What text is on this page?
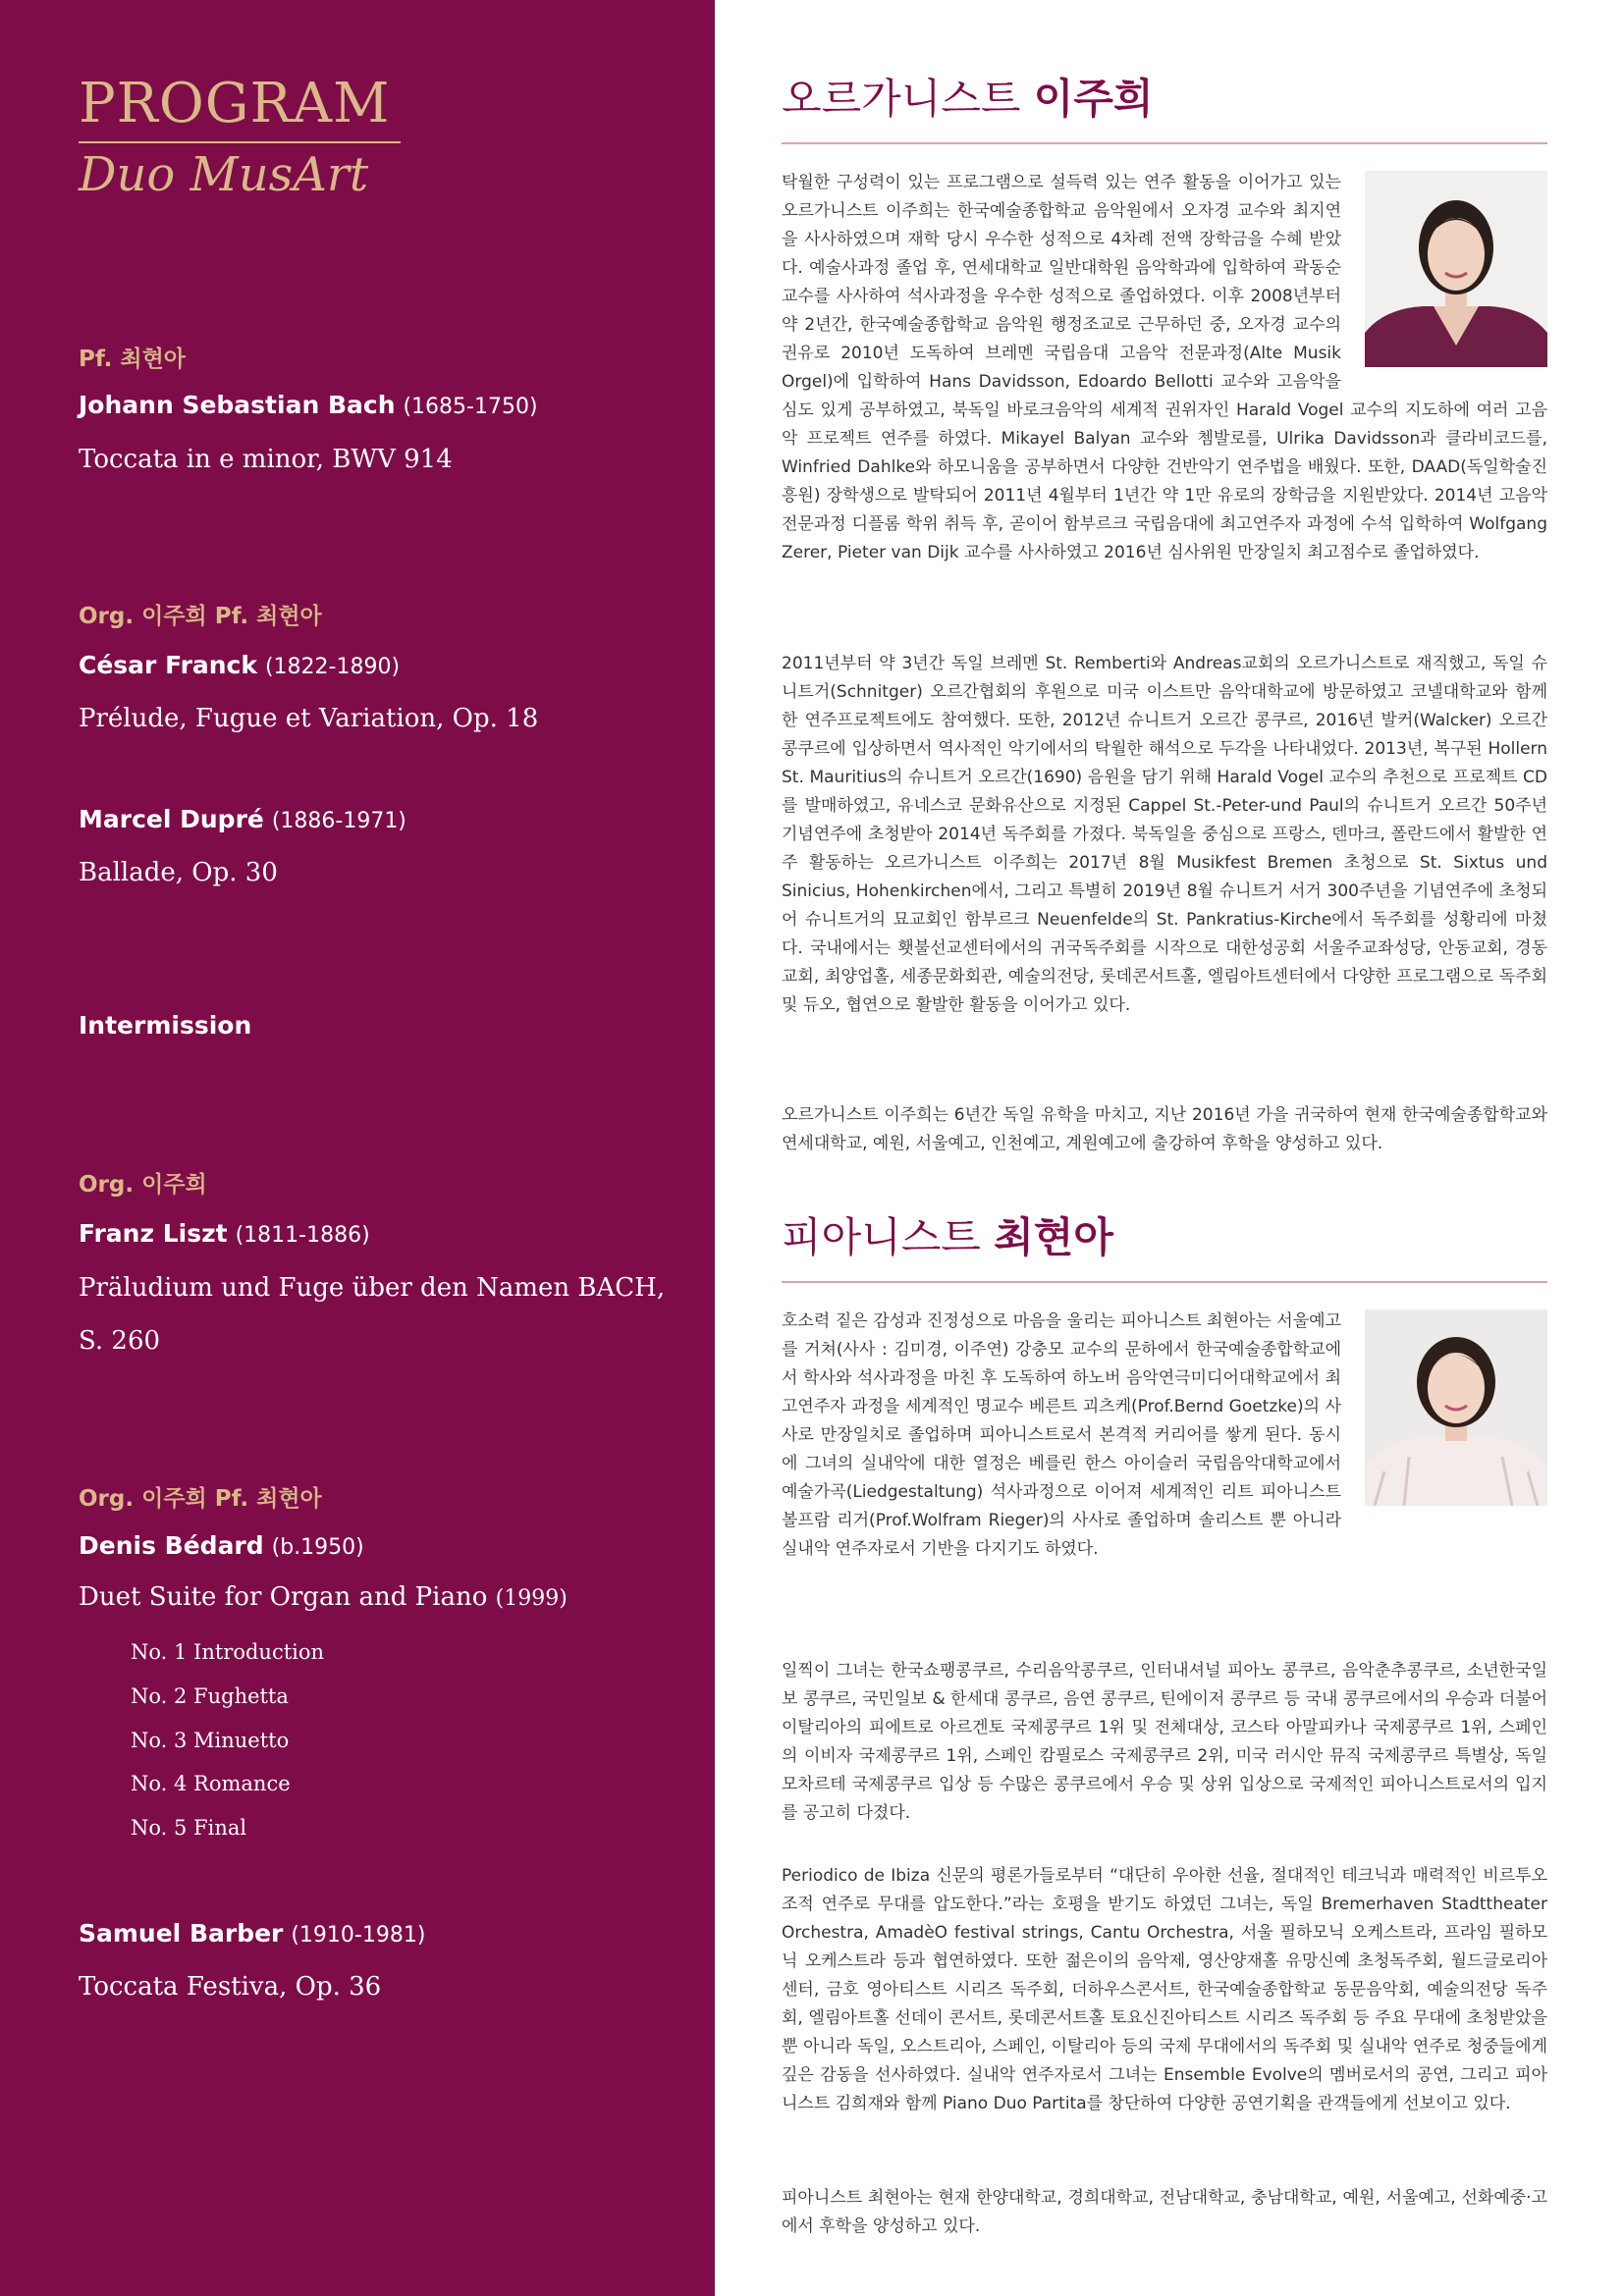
PROGRAM
Duo MusArt
Pf. 최현아
Johann Sebastian Bach (1685-1750)
Toccata in e minor, BWV 914
Org. 이주희 Pf. 최현아
César Franck (1822-1890)
Prélude, Fugue et Variation, Op. 18
Marcel Dupré (1886-1971)
Ballade, Op. 30
Intermission
Org. 이주희
Franz Liszt (1811-1886)
Präludium und Fuge über den Namen BACH, S. 260
Org. 이주희 Pf. 최현아
Denis Bédard (b.1950)
Duet Suite for Organ and Piano (1999)
No. 1 Introduction
No. 2 Fughetta
No. 3 Minuetto
No. 4 Romance
No. 5 Final
Samuel Barber (1910-1981)
Toccata Festiva, Op. 36
오르가니스트 이주희
탁월한 구성력이 있는 프로그램으로 설득력 있는 연주 활동을 이어가고 있는 오르가니스트 이주희는 한국예술종합학교 음악원에서 오자경 교수와 최지연을 사사하였으며 재학 당시 우수한 성적으로 4차례 전액 장학금을 수혜 받았다. 예술사과정 졸업 후, 연세대학교 일반대학원 음악학과에 입학하여 곽동순 교수를 사사하여 석사과정을 우수한 성적으로 졸업하였다. 이후 2008년부터 약 2년간, 한국예술종합학교 음악원 행정조교로 근무하던 중, 오자경 교수의 권유로 2010년 도독하여 브레멘 국립음대 고음악 전문과정(Alte Musik Orgel)에 입학하여 Hans Davidsson, Edoardo Bellotti 교수와 고음악을 심도 있게 공부하였고, 북독일 바로크음악의 세계적 권위자인 Harald Vogel 교수의 지도하에 여러 고음악 프로젝트 연주를 하였다. Mikayel Balyan 교수와 쳄발로를, Ulrika Davidsson과 클라비코드를, Winfried Dahlke와 하모니움을 공부하면서 다양한 건반악기 연주법을 배웠다. 또한, DAAD(독일학술진흥원) 장학생으로 발탁되어 2011년 4월부터 1년간 약 1만 유로의 장학금을 지원받았다. 2014년 고음악 전문과정 디플롬 학위 취득 후, 곧이어 함부르크 국립음대에 최고연주자 과정에 수석 입학하여 Wolfgang Zerer, Pieter van Dijk 교수를 사사하였고 2016년 심사위원 만장일치 최고점수로 졸업하였다.
2011년부터 약 3년간 독일 브레멘 St. Remberti와 Andreas교회의 오르가니스트로 재직했고, 독일 슈니트거(Schnitger) 오르간협회의 후원으로 미국 이스트만 음악대학교에 방문하였고 코넬대학교와 함께 한 연주프로젝트에도 참여했다. 또한, 2012년 슈니트거 오르간 콩쿠르, 2016년 발커(Walcker) 오르간 콩쿠르에 입상하면서 역사적인 악기에서의 탁월한 해석으로 두각을 나타내었다. 2013년, 복구된 Hollern St. Mauritius의 슈니트거 오르간(1690) 음원을 담기 위해 Harald Vogel 교수의 추천으로 프로젝트 CD를 발매하였고, 유네스코 문화유산으로 지정된 Cappel St.-Peter-und Paul의 슈니트거 오르간 50주년 기념연주에 초청받아 2014년 독주회를 가졌다. 북독일을 중심으로 프랑스, 덴마크, 폴란드에서 활발한 연주 활동하는 오르가니스트 이주희는 2017년 8월 Musikfest Bremen 초청으로 St. Sixtus und Sinicius, Hohenkirchen에서, 그리고 특별히 2019년 8월 슈니트거 서거 300주년을 기념연주에 초청되어 슈니트거의 묘교회인 함부르크 Neuenfelde의 St. Pankratius-Kirche에서 독주회를 성황리에 마쳤다. 국내에서는 횃불선교센터에서의 귀국독주회를 시작으로 대한성공회 서울주교좌성당, 안동교회, 경동교회, 최양업홀, 세종문화회관, 예술의전당, 롯데콘서트홀, 엘림아트센터에서 다양한 프로그램으로 독주회 및 듀오, 협연으로 활발한 활동을 이어가고 있다.
오르가니스트 이주희는 6년간 독일 유학을 마치고, 지난 2016년 가을 귀국하여 현재 한국예술종합학교와 연세대학교, 예원, 서울예고, 인천예고, 계원예고에 출강하여 후학을 양성하고 있다.
피아니스트 최현아
호소력 짙은 감성과 진정성으로 마음을 울리는 피아니스트 최현아는 서울예고를 거쳐(사사 : 김미경, 이주연) 강충모 교수의 문하에서 한국예술종합학교에서 학사와 석사과정을 마친 후 도독하여 하노버 음악연극미디어대학교에서 최고연주자 과정을 세계적인 명교수 베른트 괴츠케(Prof.Bernd Goetzke)의 사사로 만장일치로 졸업하며 피아니스트로서 본격적 커리어를 쌓게 된다. 동시에 그녀의 실내악에 대한 열정은 베를린 한스 아이슬러 국립음악대학교에서 예술가곡(Liedgestaltung) 석사과정으로 이어져 세계적인 리트 피아니스트 볼프람 리거(Prof.Wolfram Rieger)의 사사로 졸업하며 솔리스트 뿐 아니라 실내악 연주자로서 기반을 다지기도 하였다.
일찍이 그녀는 한국쇼팽콩쿠르, 수리음악콩쿠르, 인터내셔널 피아노 콩쿠르, 음악춘추콩쿠르, 소년한국일보 콩쿠르, 국민일보 & 한세대 콩쿠르, 음연 콩쿠르, 틴에이저 콩쿠르 등 국내 콩쿠르에서의 우승과 더불어 이탈리아의 피에트로 아르겐토 국제콩쿠르 1위 및 전체대상, 코스타 아말피카나 국제콩쿠르 1위, 스페인의 이비자 국제콩쿠르 1위, 스페인 캄필로스 국제콩쿠르 2위, 미국 러시안 뮤직 국제콩쿠르 특별상, 독일 모차르테 국제콩쿠르 입상 등 수많은 콩쿠르에서 우승 및 상위 입상으로 국제적인 피아니스트로서의 입지를 공고히 다졌다.
Periodico de Ibiza 신문의 평론가들로부터 “대단히 우아한 선율, 절대적인 테크닉과 매력적인 비르투오조적 연주로 무대를 압도한다.”라는 호평을 받기도 하였던 그녀는, 독일 Bremerhaven Stadttheater Orchestra, AmadèO festival strings, Cantu Orchestra, 서울 필하모닉 오케스트라, 프라임 필하모닉 오케스트라 등과 협연하였다. 또한 젊은이의 음악제, 영산양재홀 유망신예 초청독주회, 월드글로리아 센터, 금호 영아티스트 시리즈 독주회, 더하우스콘서트, 한국예술종합학교 동문음악회, 예술의전당 독주회, 엘림아트홀 선데이 콘서트, 롯데콘서트홀 토요신진아티스트 시리즈 독주회 등 주요 무대에 초청받았을 뿐 아니라 독일, 오스트리아, 스페인, 이탈리아 등의 국제 무대에서의 독주회 및 실내악 연주로 청중들에게 깊은 감동을 선사하였다. 실내악 연주자로서 그녀는 Ensemble Evolve의 멤버로서의 공연, 그리고 피아니스트 김희재와 함께 Piano Duo Partita를 창단하여 다양한 공연기획을 관객들에게 선보이고 있다.
피아니스트 최현아는 현재 한양대학교, 경희대학교, 전남대학교, 충남대학교, 예원, 서울예고, 선화예중·고에서 후학을 양성하고 있다.
